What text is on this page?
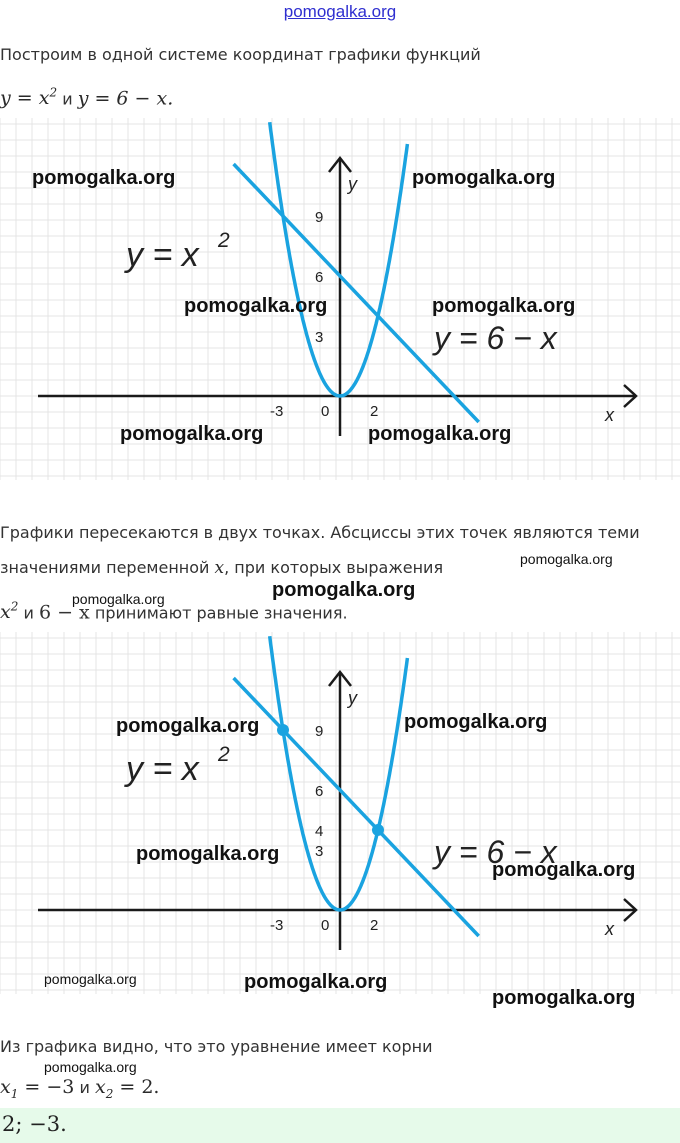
pomogalka.org
Построим в одной системе координат графики функций
$y = x^2$ и y = 6 − x.
y
x
9
6
3
-3	0	2
y = x 2
y = 6 − x
Графики пересекаются в двух точках. Абсциссы этих точек являются теми
значениями переменной x, при которых выражения
$x^2$ и 6 − x принимают равные значения.
y
x
9
6
4
3
-3	0	2
y = x 2
y = 6 − x
Из графика видно, что это уравнение имеет корни
$x_1 = -3$ и $x_2 = 2$.
2; −3.
pomogalka.org	pomogalka.org
pomogalka.org	pomogalka.org
pomogalka.org	pomogalka.org
pomogalka.org
pomogalka.org
pomogalka.org
pomogalka.org	pomogalka.org
pomogalka.org
pomogalka.org
pomogalka.org	pomogalka.org
pomogalka.org
pomogalka.org
